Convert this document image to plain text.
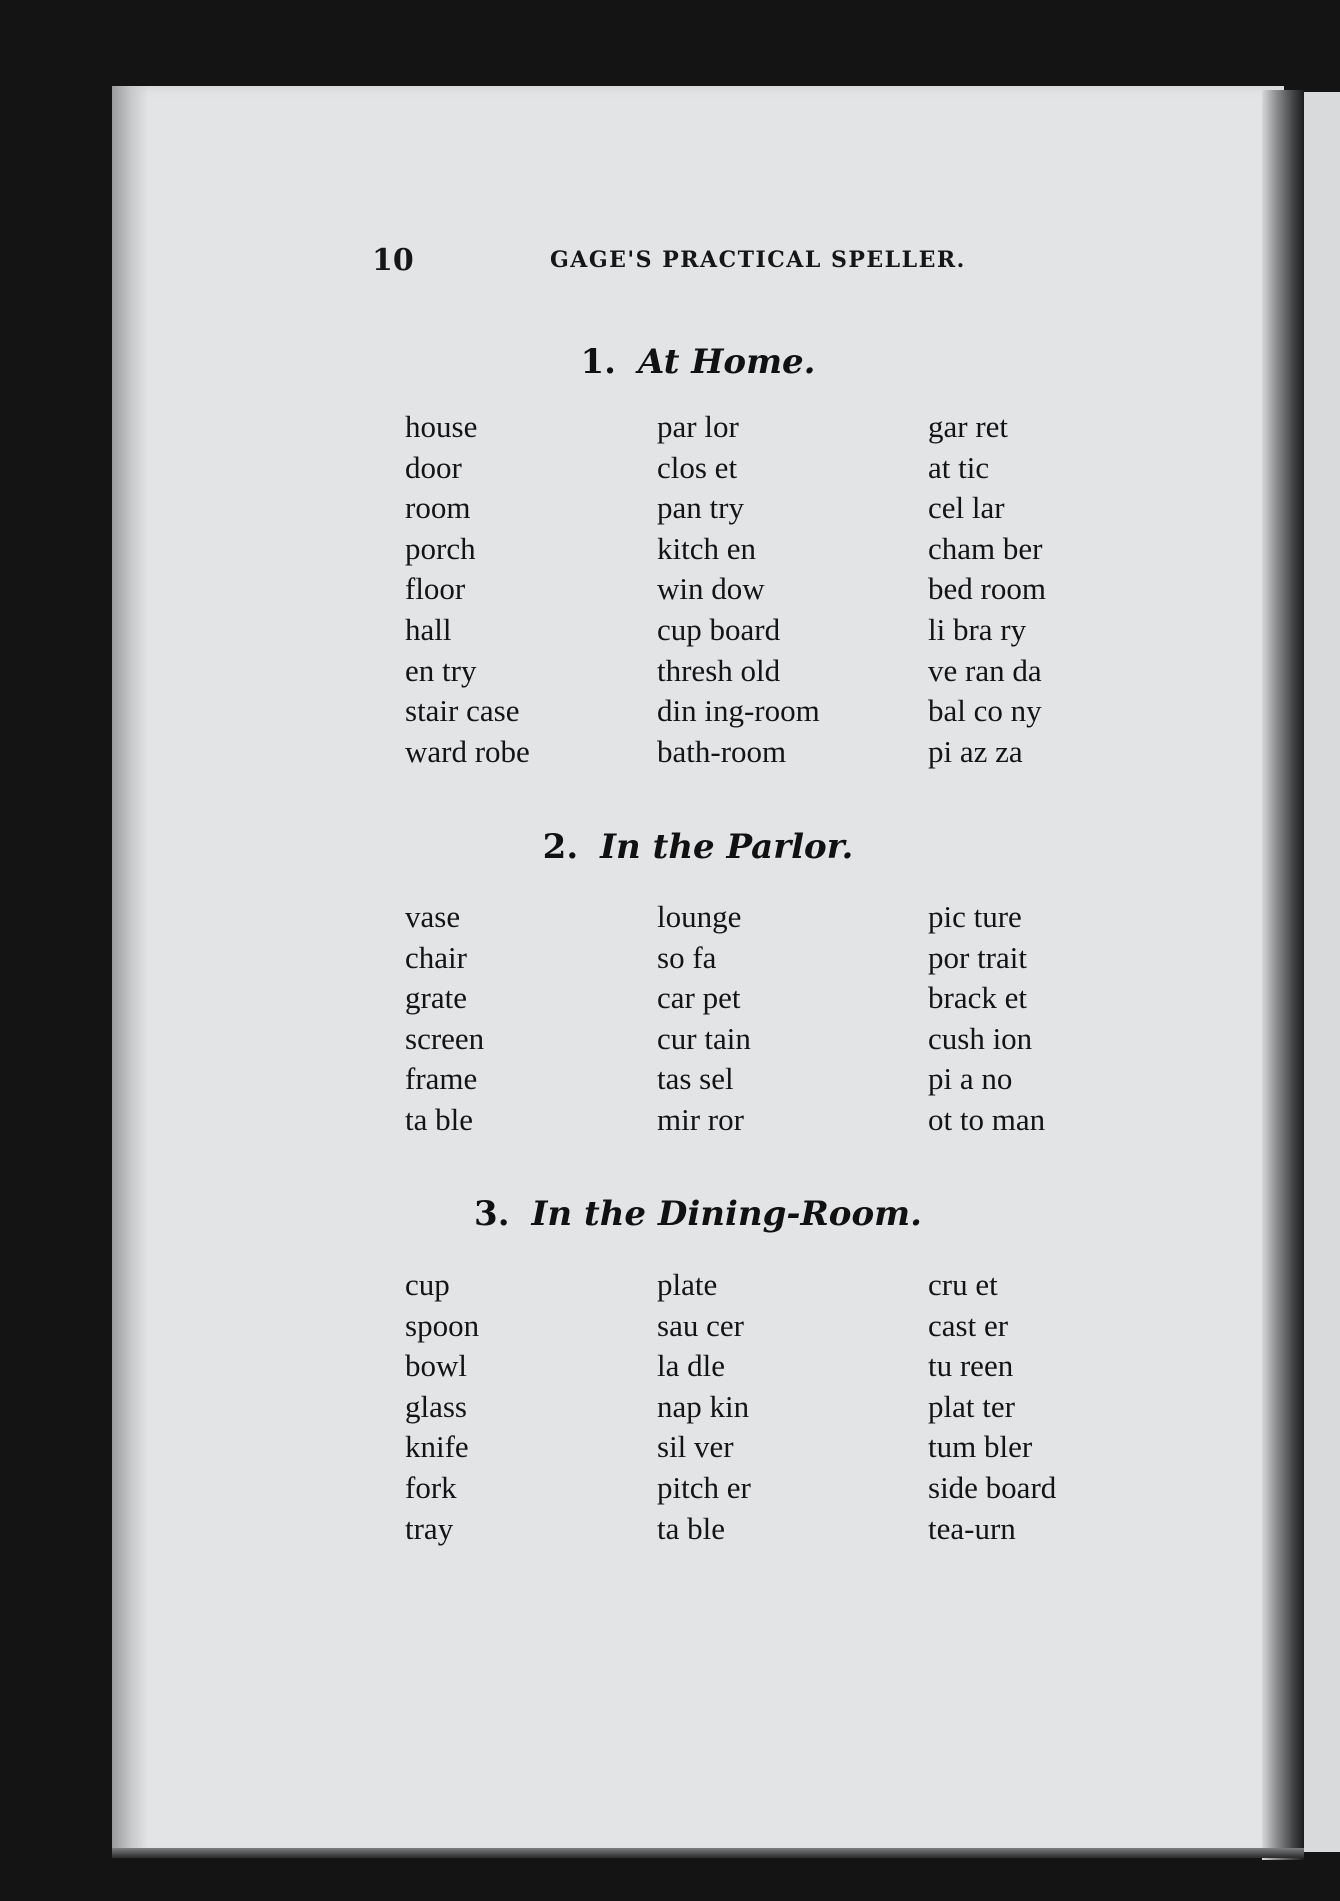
10	GAGE'S PRACTICAL SPELLER.
1. At Home.
house
door
room
porch
floor
hall
en try
stair case
ward robe
par lor
clos et
pan try
kitch en
win dow
cup board
thresh old
din ing-room
bath-room
gar ret
at tic
cel lar
cham ber
bed room
li bra ry
ve ran da
bal co ny
pi az za
2. In the Parlor.
vase
chair
grate
screen
frame
ta ble
lounge
so fa
car pet
cur tain
tas sel
mir ror
pic ture
por trait
brack et
cush ion
pi a no
ot to man
3. In the Dining-Room.
cup
spoon
bowl
glass
knife
fork
tray
plate
sau cer
la dle
nap kin
sil ver
pitch er
ta ble
cru et
cast er
tu reen
plat ter
tum bler
side board
tea-urn
